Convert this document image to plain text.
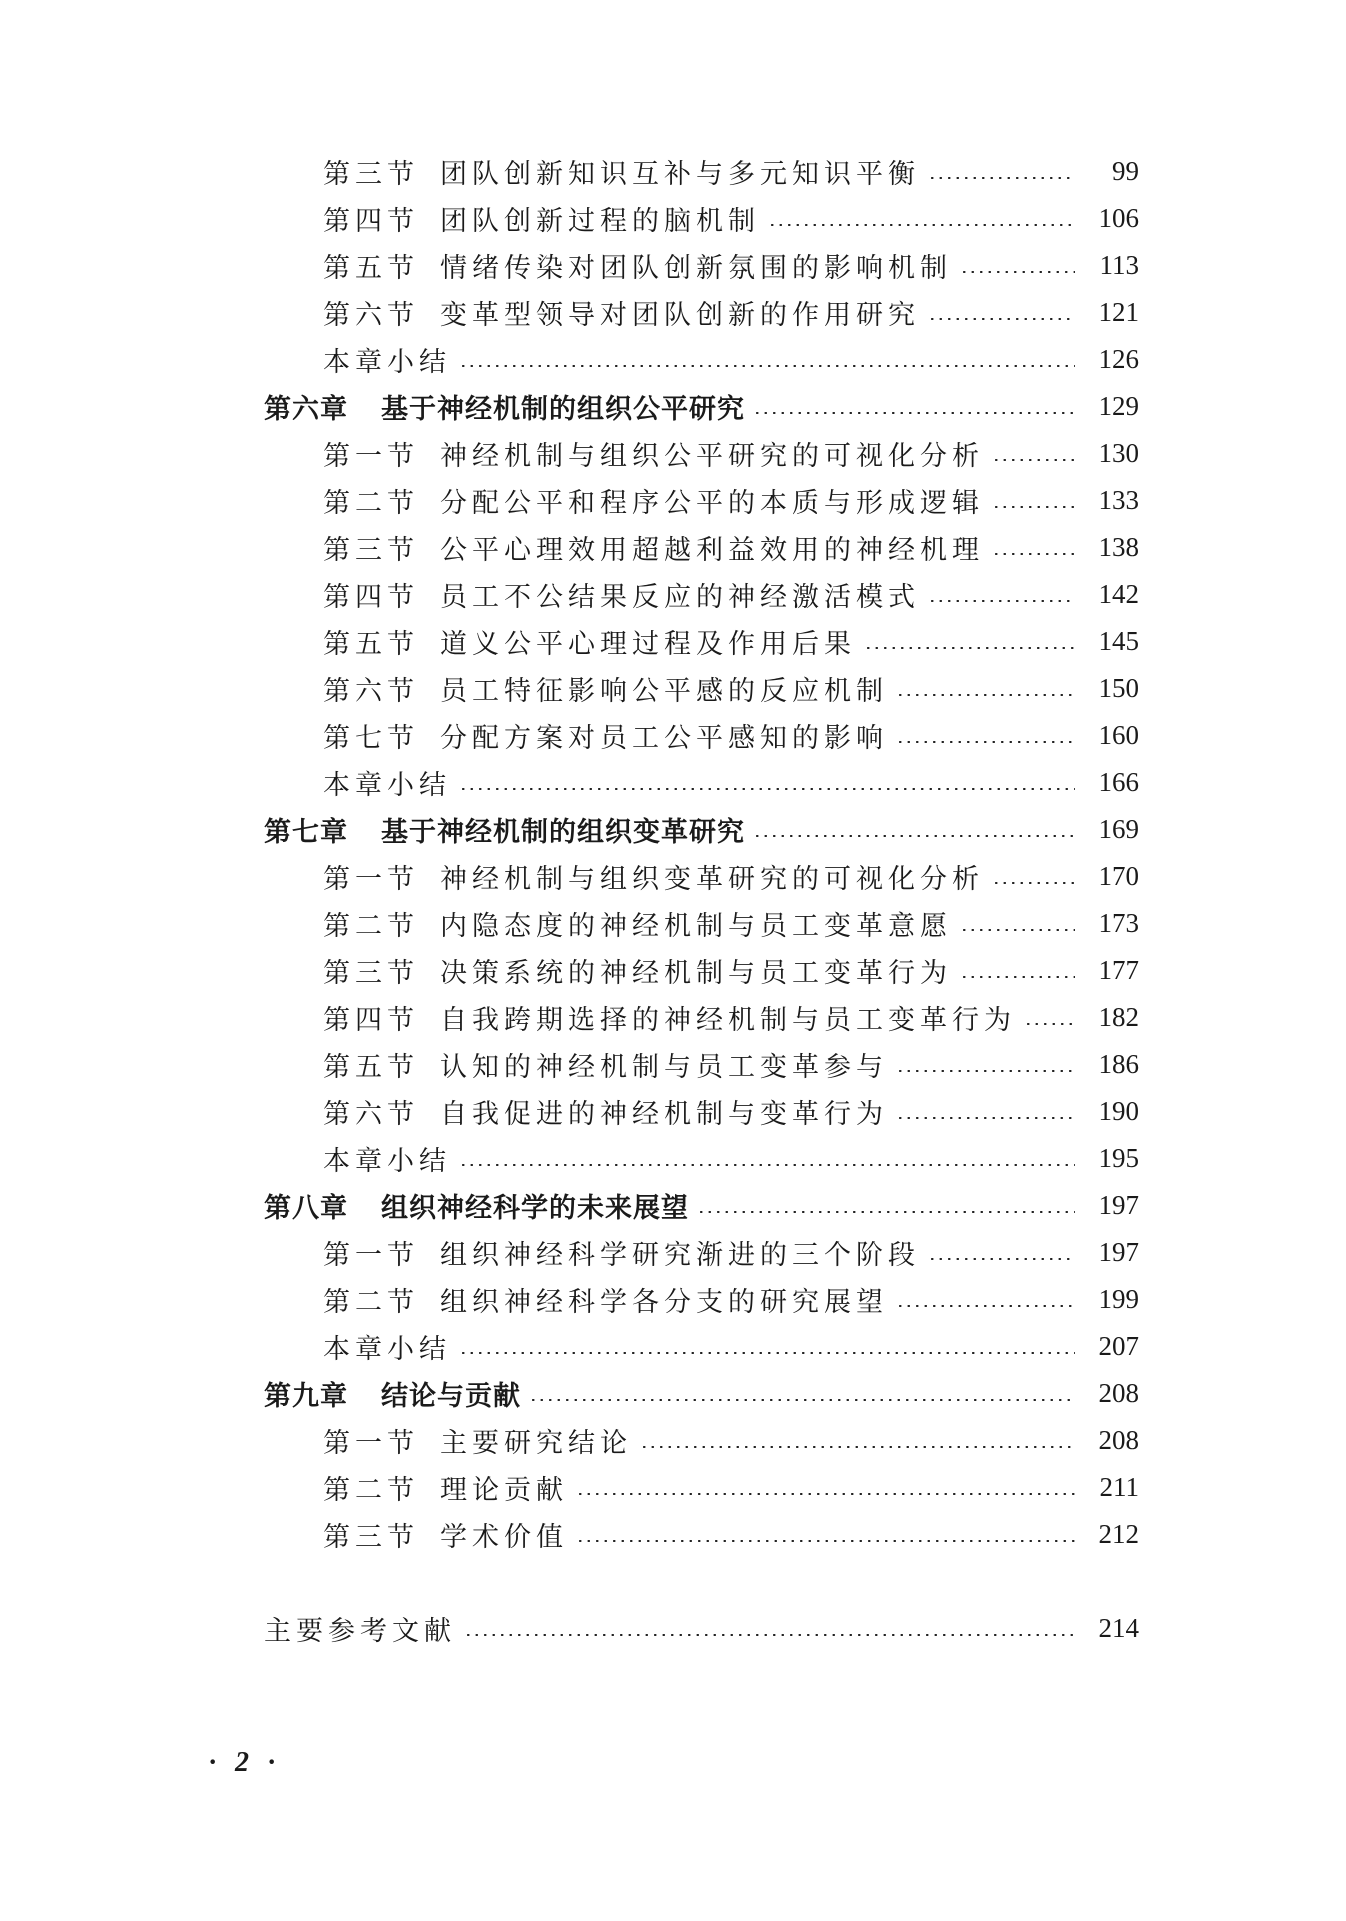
第三节 团队创新知识互补与多元知识平衡	99
第四节 团队创新过程的脑机制	106
第五节 情绪传染对团队创新氛围的影响机制	113
第六节 变革型领导对团队创新的作用研究	121
本章小结	126
第六章	基于神经机制的组织公平研究	129
第一节 神经机制与组织公平研究的可视化分析	130
第二节 分配公平和程序公平的本质与形成逻辑	133
第三节 公平心理效用超越利益效用的神经机理	138
第四节 员工不公结果反应的神经激活模式	142
第五节 道义公平心理过程及作用后果	145
第六节 员工特征影响公平感的反应机制	150
第七节 分配方案对员工公平感知的影响	160
本章小结	166
第七章	基于神经机制的组织变革研究	169
第一节 神经机制与组织变革研究的可视化分析	170
第二节 内隐态度的神经机制与员工变革意愿	173
第三节 决策系统的神经机制与员工变革行为	177
第四节 自我跨期选择的神经机制与员工变革行为	182
第五节 认知的神经机制与员工变革参与	186
第六节 自我促进的神经机制与变革行为	190
本章小结	195
第八章	组织神经科学的未来展望	197
第一节 组织神经科学研究渐进的三个阶段	197
第二节 组织神经科学各分支的研究展望	199
本章小结	207
第九章	结论与贡献	208
第一节 主要研究结论	208
第二节 理论贡献	211
第三节 学术价值	212
主要参考文献	214
· 2 ·
